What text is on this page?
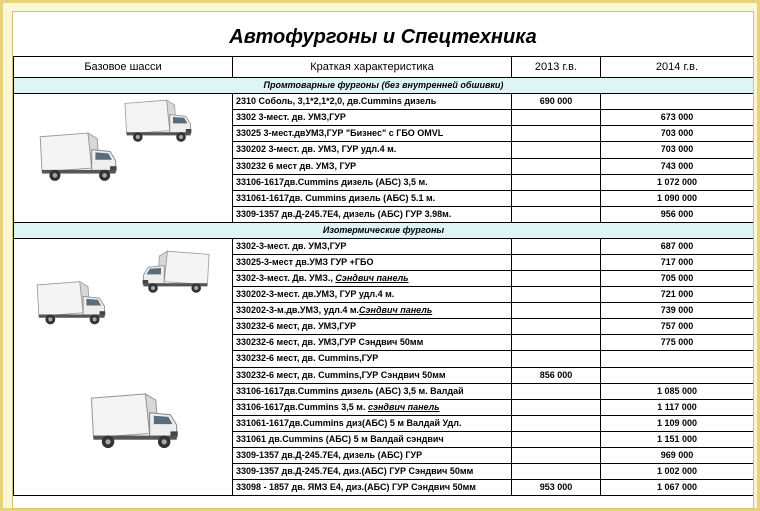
Автофургоны и Спецтехника
Базовое шасси	Краткая характеристика	2013 г.в.	2014 г.в.
Промтоварные фургоны (без внутренней обшивки)			

	2310 Соболь, 3,1*2,1*2,0, дв.Cummins дизель	690 000	
	3302 3-мест. дв. УМЗ,ГУР		673 000
	33025 3-мест.двУМЗ,ГУР "Бизнес" с ГБО OMVL		703 000
	330202 3-мест. дв. УМЗ, ГУР удл.4 м.		703 000
	330232 6 мест дв. УМЗ, ГУР		743 000
	33106-1617дв.Cummins дизель (АБС) 3,5 м.		1 072 000
	331061-1617дв. Cummins дизель (АБС) 5.1 м.		1 090 000
	3309-1357 дв.Д-245.7Е4, дизель (АБС) ГУР 3.98м.		956 000
Изотермические фургоны			

	3302-3-мест. дв. УМЗ,ГУР		687 000
	33025-3-мест дв.УМЗ ГУР +ГБО		717 000
	3302-3-мест. Дв. УМЗ., Сэндвич панель		705 000
	330202-3-мест. дв.УМЗ, ГУР удл.4 м.		721 000
	330202-3-м.дв.УМЗ, удл.4 м.Сэндвич панель		739 000
	330232-6 мест, дв. УМЗ,ГУР		757 000
	330232-6 мест, дв. УМЗ,ГУР Сэндвич 50мм		775 000
	330232-6 мест, дв. Cummins,ГУР		
	330232-6 мест, дв. Cummins,ГУР Сэндвич 50мм	856 000	
	33106-1617дв.Cummins дизель (АБС) 3,5 м. Валдай		1 085 000
	33106-1617дв.Cummins 3,5 м. сэндвич панель		1 117 000
	331061-1617дв.Cummins диз(АБС) 5 м Валдай Удл.		1 109 000
	331061 дв.Cummins (АБС) 5 м Валдай сэндвич		1 151 000
	3309-1357 дв.Д-245.7Е4, дизель (АБС) ГУР		969 000
	3309-1357 дв.Д-245.7Е4, диз.(АБС) ГУР Сэндвич 50мм		1 002 000
	33098 - 1857 дв. ЯМЗ Е4, диз.(АБС) ГУР Сэндвич 50мм	953 000	1 067 000
